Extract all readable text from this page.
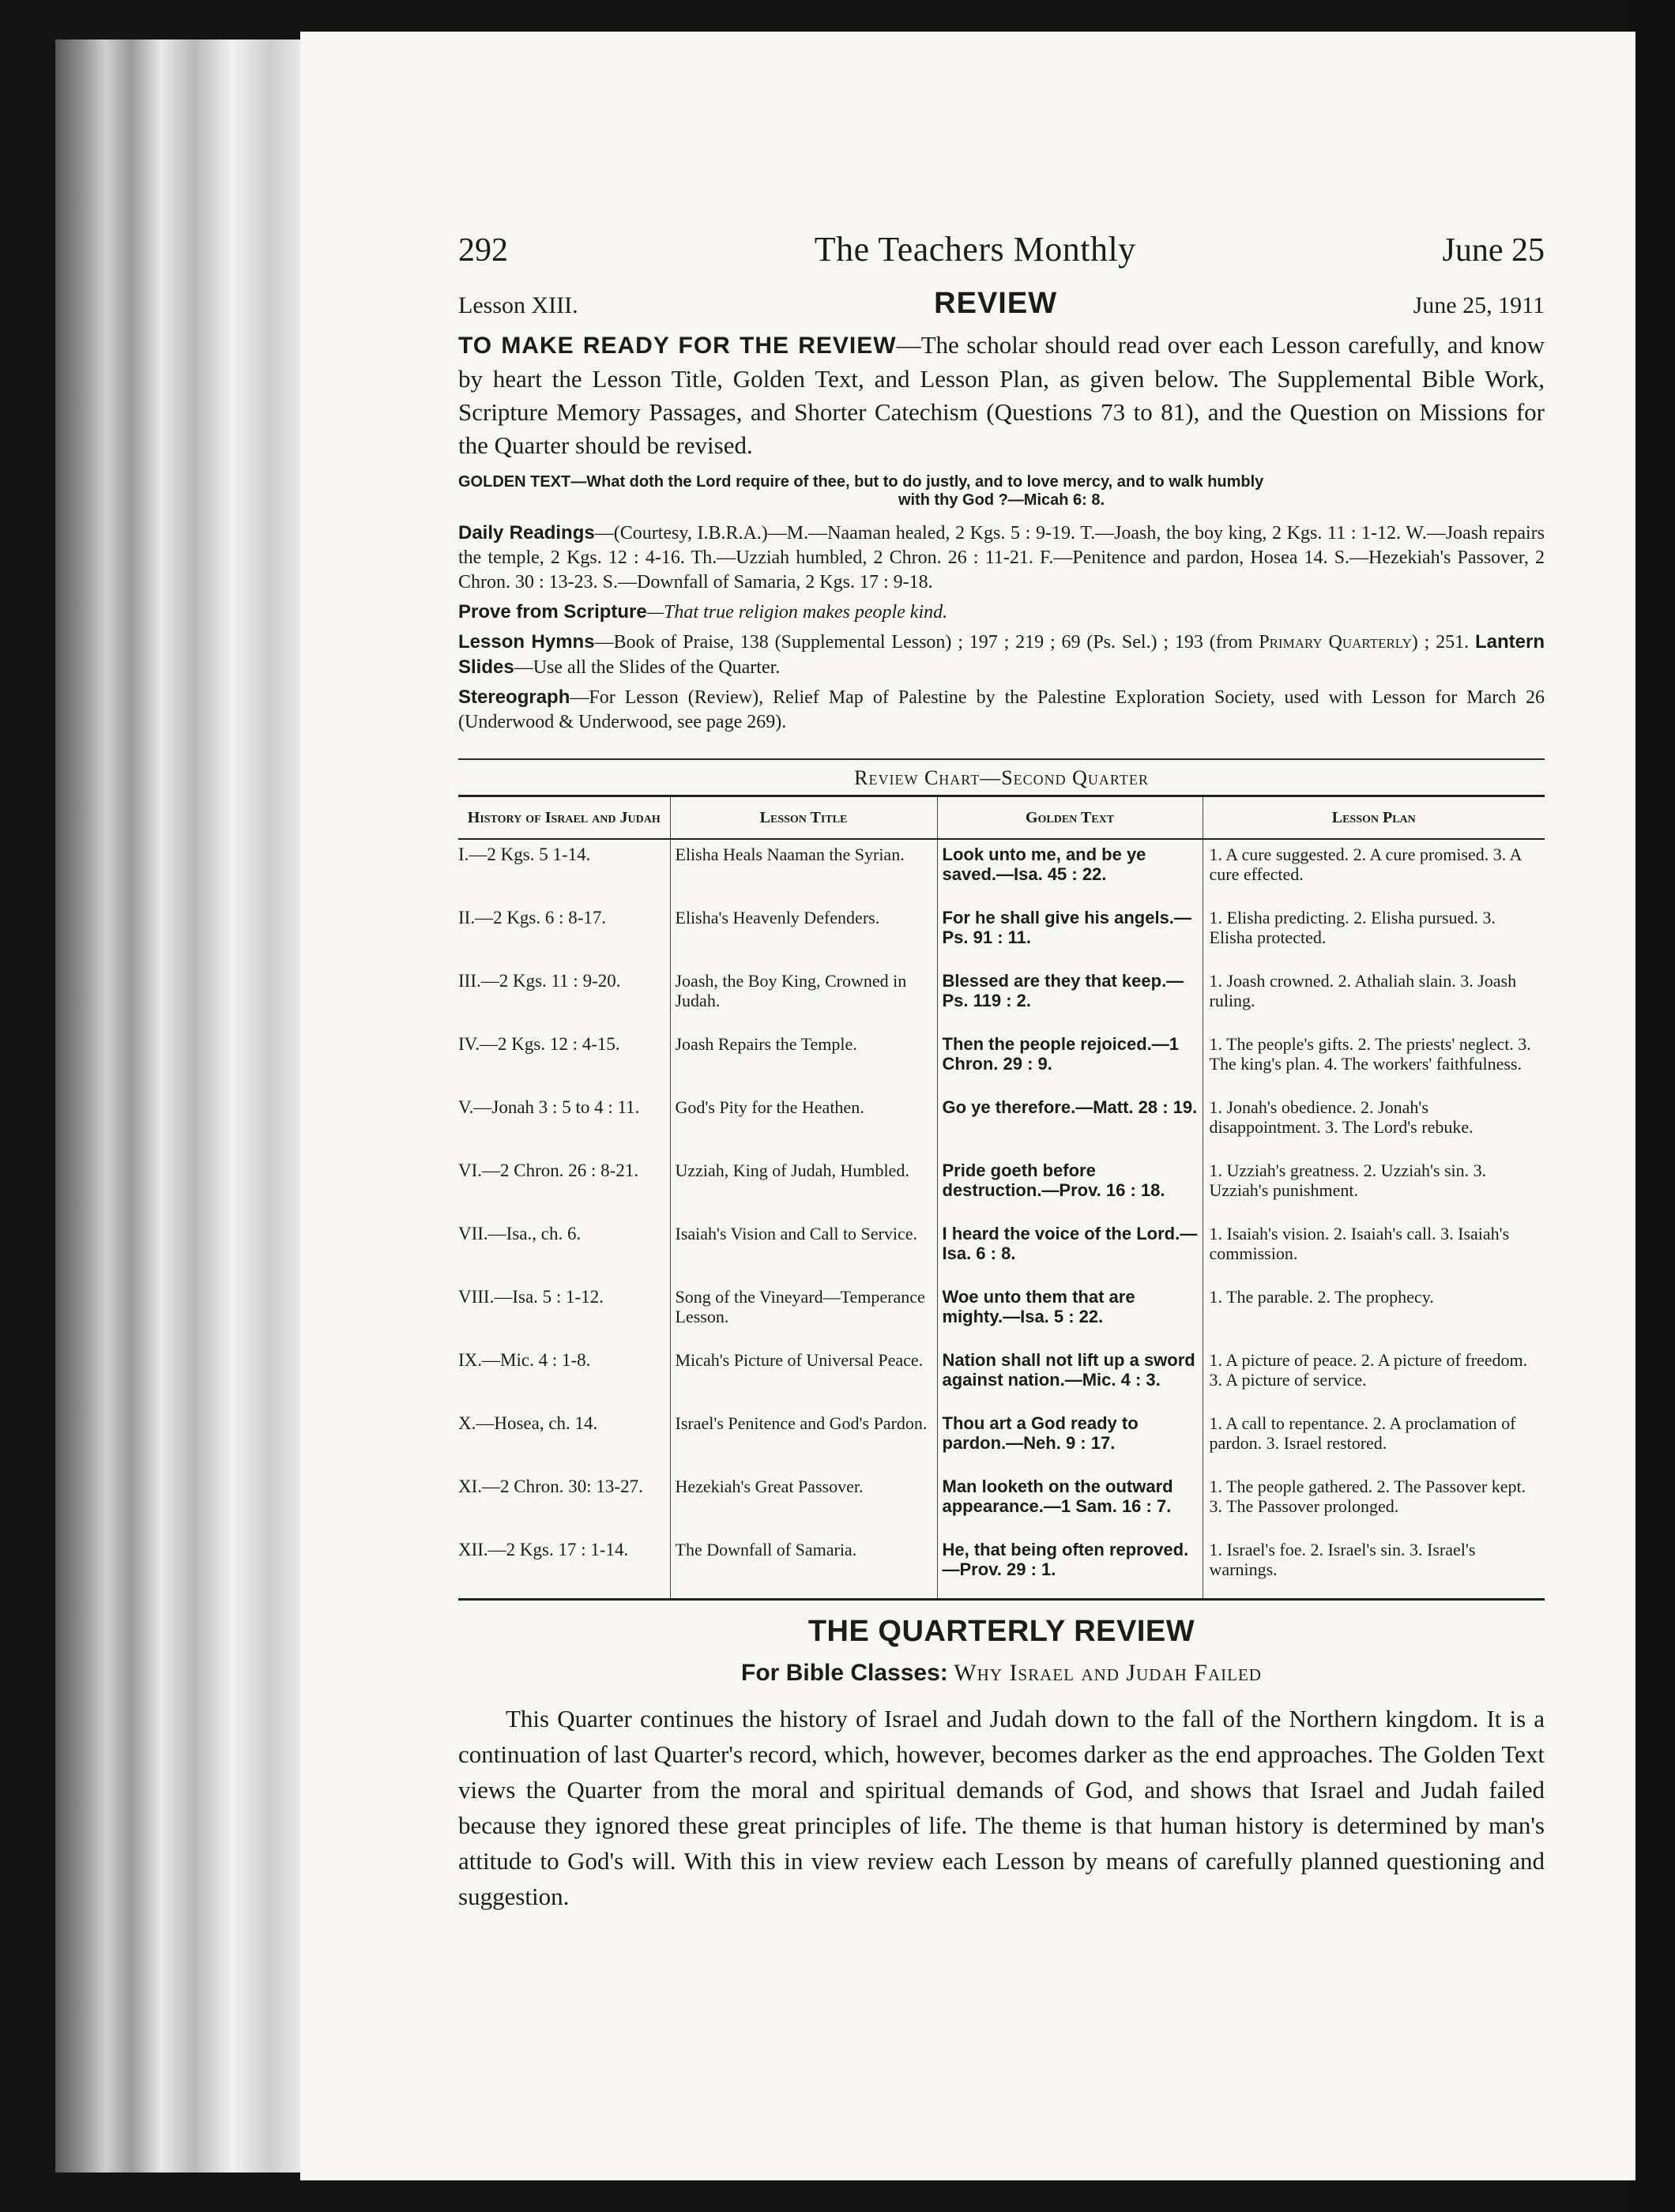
292	The Teachers Monthly	June 25
Lesson XIII.	REVIEW	June 25, 1911

TO MAKE READY FOR THE REVIEW—The scholar should read over each Lesson carefully, and know by heart the Lesson Title, Golden Text, and Lesson Plan, as given below. The Supplemental Bible Work, Scripture Memory Passages, and Shorter Catechism (Questions 73 to 81), and the Question on Missions for the Quarter should be revised.

GOLDEN TEXT—What doth the Lord require of thee, but to do justly, and to love mercy, and to walk humbly
with thy God ?—Micah 6: 8.

Daily Readings—(Courtesy, I.B.R.A.)—M.—Naaman healed, 2 Kgs. 5 : 9-19. T.—Joash, the boy king, 2 Kgs. 11 : 1-12. W.—Joash repairs the temple, 2 Kgs. 12 : 4-16. Th.—Uzziah humbled, 2 Chron. 26 : 11-21. F.—Penitence and pardon, Hosea 14. S.—Hezekiah's Passover, 2 Chron. 30 : 13-23. S.—Downfall of Samaria, 2 Kgs. 17 : 9-18.

Prove from Scripture—That true religion makes people kind.

Lesson Hymns—Book of Praise, 138 (Supplemental Lesson) ; 197 ; 219 ; 69 (Ps. Sel.) ; 193 (from Primary Quarterly) ; 251. Lantern Slides—Use all the Slides of the Quarter.

Stereograph—For Lesson (Review), Relief Map of Palestine by the Palestine Exploration Society, used with Lesson for March 26 (Underwood & Underwood, see page 269).

Review Chart—Second Quarter
History of Israel and Judah	Lesson Title	Golden Text	Lesson Plan
I.—2 Kgs. 5 1-14.	Elisha Heals Naaman the Syrian.	Look unto me, and be ye saved.—Isa. 45 : 22.	1. A cure suggested. 2. A cure promised. 3. A cure effected.
II.—2 Kgs. 6 : 8-17.	Elisha's Heavenly Defenders.	For he shall give his angels.—Ps. 91 : 11.	1. Elisha predicting. 2. Elisha pursued. 3. Elisha protected.
III.—2 Kgs. 11 : 9-20.	Joash, the Boy King, Crowned in Judah.	Blessed are they that keep.—Ps. 119 : 2.	1. Joash crowned. 2. Athaliah slain. 3. Joash ruling.
IV.—2 Kgs. 12 : 4-15.	Joash Repairs the Temple.	Then the people rejoiced.—1 Chron. 29 : 9.	1. The people's gifts. 2. The priests' neglect. 3. The king's plan. 4. The workers' faithfulness.
V.—Jonah 3 : 5 to 4 : 11.	God's Pity for the Heathen.	Go ye therefore.—Matt. 28 : 19.	1. Jonah's obedience. 2. Jonah's disappointment. 3. The Lord's rebuke.
VI.—2 Chron. 26 : 8-21.	Uzziah, King of Judah, Humbled.	Pride goeth before destruction.—Prov. 16 : 18.	1. Uzziah's greatness. 2. Uzziah's sin. 3. Uzziah's punishment.
VII.—Isa., ch. 6.	Isaiah's Vision and Call to Service.	I heard the voice of the Lord.—Isa. 6 : 8.	1. Isaiah's vision. 2. Isaiah's call. 3. Isaiah's commission.
VIII.—Isa. 5 : 1-12.	Song of the Vineyard—Temperance Lesson.	Woe unto them that are mighty.—Isa. 5 : 22.	1. The parable. 2. The prophecy.
IX.—Mic. 4 : 1-8.	Micah's Picture of Universal Peace.	Nation shall not lift up a sword against nation.—Mic. 4 : 3.	1. A picture of peace. 2. A picture of freedom. 3. A picture of service.
X.—Hosea, ch. 14.	Israel's Penitence and God's Pardon.	Thou art a God ready to pardon.—Neh. 9 : 17.	1. A call to repentance. 2. A proclamation of pardon. 3. Israel restored.
XI.—2 Chron. 30: 13-27.	Hezekiah's Great Passover.	Man looketh on the outward appearance.—1 Sam. 16 : 7.	1. The people gathered. 2. The Passover kept. 3. The Passover prolonged.
XII.—2 Kgs. 17 : 1-14.	The Downfall of Samaria.	He, that being often reproved.—Prov. 29 : 1.	1. Israel's foe. 2. Israel's sin. 3. Israel's warnings.
THE QUARTERLY REVIEW
For Bible Classes: Why Israel and Judah Failed

This Quarter continues the history of Israel and Judah down to the fall of the Northern kingdom. It is a continuation of last Quarter's record, which, however, becomes darker as the end approaches. The Golden Text views the Quarter from the moral and spiritual demands of God, and shows that Israel and Judah failed because they ignored these great principles of life. The theme is that human history is determined by man's attitude to God's will. With this in view review each Lesson by means of carefully planned questioning and suggestion.
